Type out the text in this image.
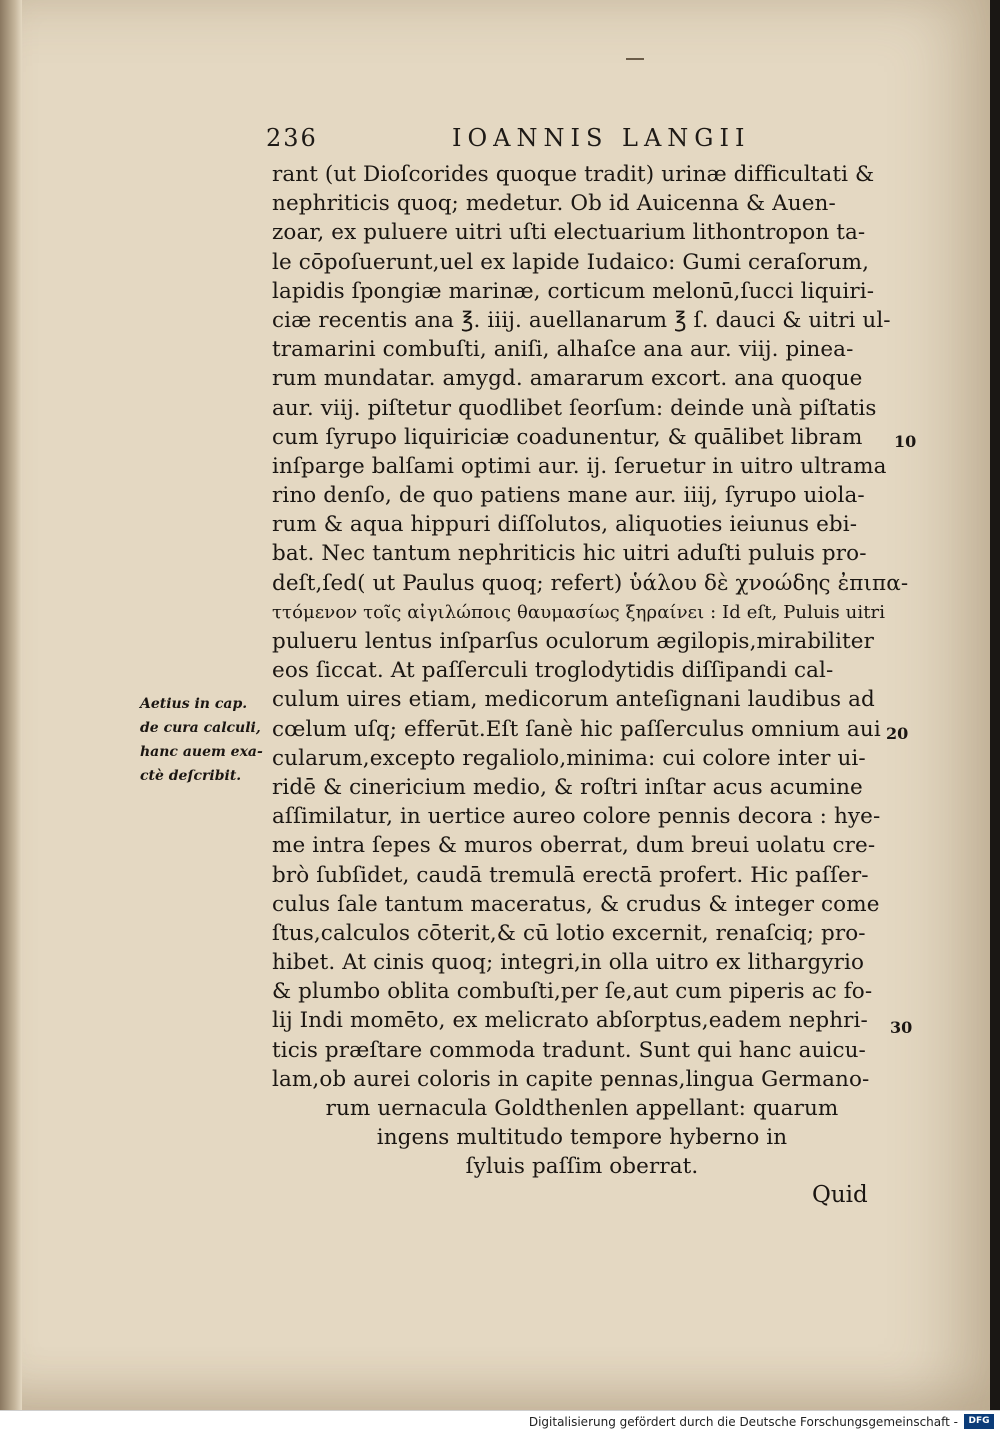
236	IOANNIS LANGII
rant (ut Dioſcorides quoque tradit) urinæ difficultati &
nephriticis quoq; medetur. Ob id Auicenna & Auen-
zoar, ex puluere uitri uſti electuarium lithontropon ta-
le cōpoſuerunt,uel ex lapide Iudaico: Gumi ceraſorum,
lapidis ſpongiæ marinæ, corticum melonū,ſucci liquiri-
ciæ recentis ana ℥. iiij. auellanarum ℥ ſ. dauci & uitri ul-
tramarini combuſti, aniſi, alhaſce ana aur. viij. pinea-
rum mundatar. amygd. amararum excort. ana quoque
aur. viij. piſtetur quodlibet ſeorſum: deinde unà piſtatis
cum ſyrupo liquiriciæ coadunentur, & quālibet libram
inſparge balſami optimi aur. ij. ſeruetur in uitro ultrama
rino denſo, de quo patiens mane aur. iiij, ſyrupo uiola-
rum & aqua hippuri diſſolutos, aliquoties ieiunus ebi-
bat. Nec tantum nephriticis hic uitri aduſti puluis pro-
deſt,ſed( ut Paulus quoq; refert) ὑάλου δὲ χνοώδης ἐπιπα-
ττόμενον τοῖς αἰγιλώποις θαυμασίως ξηραίνει : Id eſt, Puluis uitri
pulueru lentus inſparſus oculorum ægilopis,mirabiliter
eos ſiccat. At paſſerculi troglodytidis diſſipandi cal-
culum uires etiam, medicorum anteſignani laudibus ad
cœlum uſq; efferūt.Eſt ſanè hic paſſerculus omnium aui
cularum,excepto regaliolo,minima: cui colore inter ui-
ridē & cinericium medio, & roſtri inſtar acus acumine
aſſimilatur, in uertice aureo colore pennis decora : hye-
me intra ſepes & muros oberrat, dum breui uolatu cre-
brò ſubſidet, caudā tremulā erectā profert. Hic paſſer-
culus ſale tantum maceratus, & crudus & integer come
ſtus,calculos cōterit,& cū lotio excernit, renaſciq; pro-
hibet. At cinis quoq; integri,in olla uitro ex lithargyrio
& plumbo oblita combuſti,per ſe,aut cum piperis ac fo-
lij Indi momēto, ex melicrato abſorptus,eadem nephri-
ticis præſtare commoda tradunt. Sunt qui hanc auicu-
lam,ob aurei coloris in capite pennas,lingua Germano-
rum uernacula Goldthenlen appellant: quarum
ingens multitudo tempore hyberno in
ſyluis paſſim oberrat.
Quid
Aetius in cap.
de cura calculi,
hanc auem exa-
ctè deſcribit.
10
20
30
Digitalisierung gefördert durch die Deutsche Forschungsgemeinschaft -	DFG
